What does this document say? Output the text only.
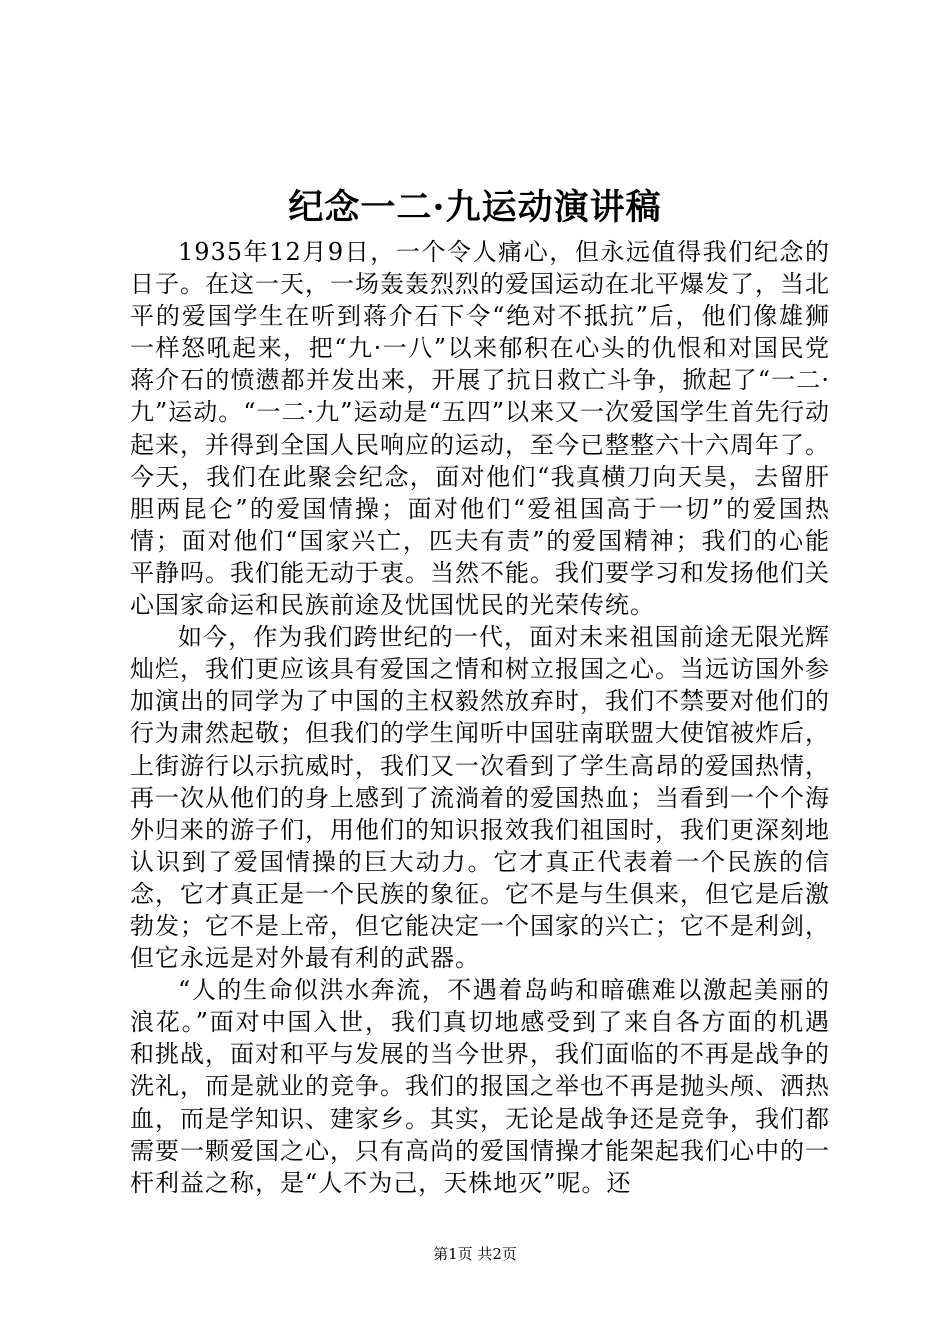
纪念一二·九运动演讲稿

1935年12月9日，一个令人痛心，但永远值得我们纪念的日子。在这一天，一场轰轰烈烈的爱国运动在北平爆发了，当北平的爱国学生在听到蒋介石下令“绝对不抵抗”后，他们像雄狮一样怒吼起来，把“九·一八”以来郁积在心头的仇恨和对国民党蒋介石的愤懑都并发出来，开展了抗日救亡斗争，掀起了“一二·九”运动。“一二·九”运动是“五四”以来又一次爱国学生首先行动起来，并得到全国人民响应的运动，至今已整整六十六周年了。今天，我们在此聚会纪念，面对他们“我真横刀向天昊，去留肝胆两昆仑”的爱国情操；面对他们“爱祖国高于一切”的爱国热情；面对他们“国家兴亡，匹夫有责”的爱国精神；我们的心能平静吗。我们能无动于衷。当然不能。我们要学习和发扬他们关心国家命运和民族前途及忧国忧民的光荣传统。

如今，作为我们跨世纪的一代，面对未来祖国前途无限光辉灿烂，我们更应该具有爱国之情和树立报国之心。当远访国外参加演出的同学为了中国的主权毅然放弃时，我们不禁要对他们的行为肃然起敬；但我们的学生闻听中国驻南联盟大使馆被炸后，上街游行以示抗威时，我们又一次看到了学生高昂的爱国热情，再一次从他们的身上感到了流淌着的爱国热血；当看到一个个海外归来的游子们，用他们的知识报效我们祖国时，我们更深刻地认识到了爱国情操的巨大动力。它才真正代表着一个民族的信念，它才真正是一个民族的象征。它不是与生俱来，但它是后激勃发；它不是上帝，但它能决定一个国家的兴亡；它不是利剑，但它永远是对外最有利的武器。

“人的生命似洪水奔流，不遇着岛屿和暗礁难以激起美丽的浪花。”面对中国入世，我们真切地感受到了来自各方面的机遇和挑战，面对和平与发展的当今世界，我们面临的不再是战争的洗礼，而是就业的竞争。我们的报国之举也不再是抛头颅、洒热血，而是学知识、建家乡。其实，无论是战争还是竞争，我们都需要一颗爱国之心，只有高尚的爱国情操才能架起我们心中的一杆利益之称，是“人不为己，天株地灭”呢。还

第1页 共2页
